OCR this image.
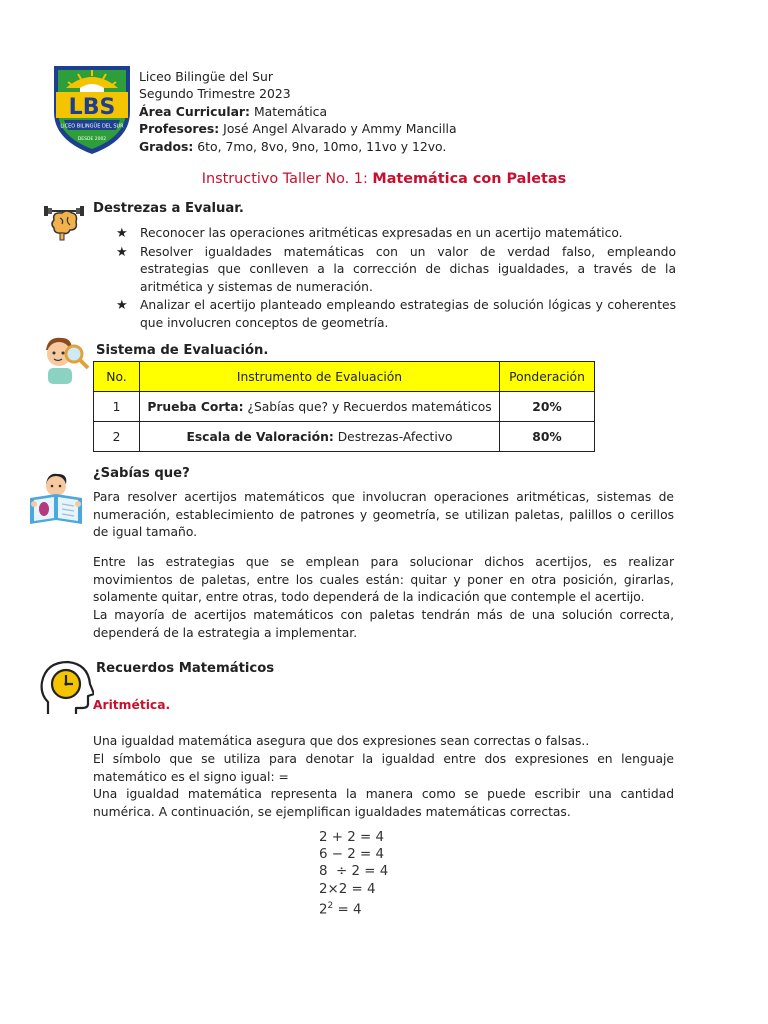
LBS
LICEO BILINGÜE DEL SUR
DESDE 2002
Liceo Bilingüe del Sur
Segundo Trimestre 2023
Área Curricular: Matemática
Profesores: José Angel Alvarado y Ammy Mancilla
Grados: 6to, 7mo, 8vo, 9no, 10mo, 11vo y 12vo.
Instructivo Taller No. 1: Matemática con Paletas
Destrezas a Evaluar.
★ Reconocer las operaciones aritméticas expresadas en un acertijo matemático.
★ Resolver igualdades matemáticas con un valor de verdad falso, empleando estrategias que conlleven a la corrección de dichas igualdades, a través de la aritmética y sistemas de numeración.
★ Analizar el acertijo planteado empleando estrategias de solución lógicas y coherentes que involucren conceptos de geometría.
Sistema de Evaluación.
No.	Instrumento de Evaluación	Ponderación
1	Prueba Corta: ¿Sabías que? y Recuerdos matemáticos	20%
2	Escala de Valoración: Destrezas-Afectivo	80%
¿Sabías que?

Para resolver acertijos matemáticos que involucran operaciones aritméticas, sistemas de numeración, establecimiento de patrones y geometría, se utilizan paletas, palillos o cerillos de igual tamaño.

Entre las estrategias que se emplean para solucionar dichos acertijos, es realizar movimientos de paletas, entre los cuales están: quitar y poner en otra posición, girarlas, solamente quitar, entre otras, todo dependerá de la indicación que contemple el acertijo.

La mayoría de acertijos matemáticos con paletas tendrán más de una solución correcta, dependerá de la estrategia a implementar.

Recuerdos Matemáticos
Aritmética.

Una igualdad matemática asegura que dos expresiones sean correctas o falsas..

El símbolo que se utiliza para denotar la igualdad entre dos expresiones en lenguaje matemático es el signo igual: =

Una igualdad matemática representa la manera como se puede escribir una cantidad numérica. A continuación, se ejemplifican igualdades matemáticas correctas.

2 + 2 = 4
6 − 2 = 4
8  ÷ 2 = 4
2×2 = 4
$2^2 = 4$
